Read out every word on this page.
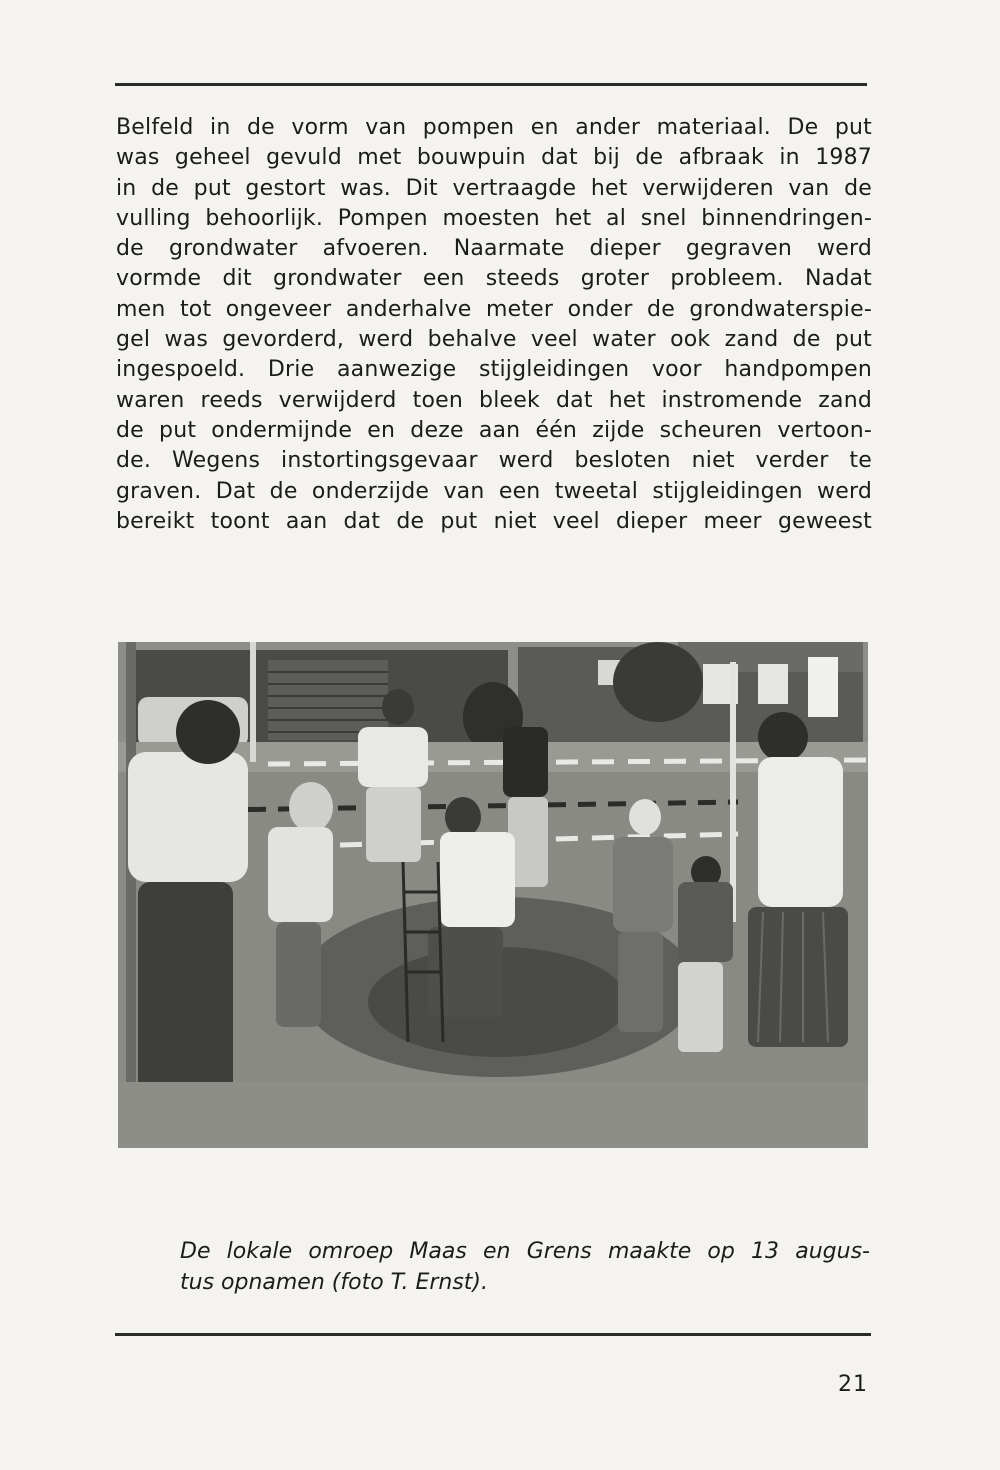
Belfeld in de vorm van pompen en ander materiaal. De put
was geheel gevuld met bouwpuin dat bij de afbraak in 1987
in de put gestort was. Dit vertraagde het verwijderen van de
vulling behoorlijk. Pompen moesten het al snel binnendringen-
de grondwater afvoeren. Naarmate dieper gegraven werd
vormde dit grondwater een steeds groter probleem. Nadat
men tot ongeveer anderhalve meter onder de grondwaterspie-
gel was gevorderd, werd behalve veel water ook zand de put
ingespoeld. Drie aanwezige stijgleidingen voor handpompen
waren reeds verwijderd toen bleek dat het instromende zand
de put ondermijnde en deze aan één zijde scheuren vertoon-
de. Wegens instortingsgevaar werd besloten niet verder te
graven. Dat de onderzijde van een tweetal stijgleidingen werd
bereikt toont aan dat de put niet veel dieper meer geweest
De lokale omroep Maas en Grens maakte op 13 augus-
tus opnamen (foto T. Ernst).
21
